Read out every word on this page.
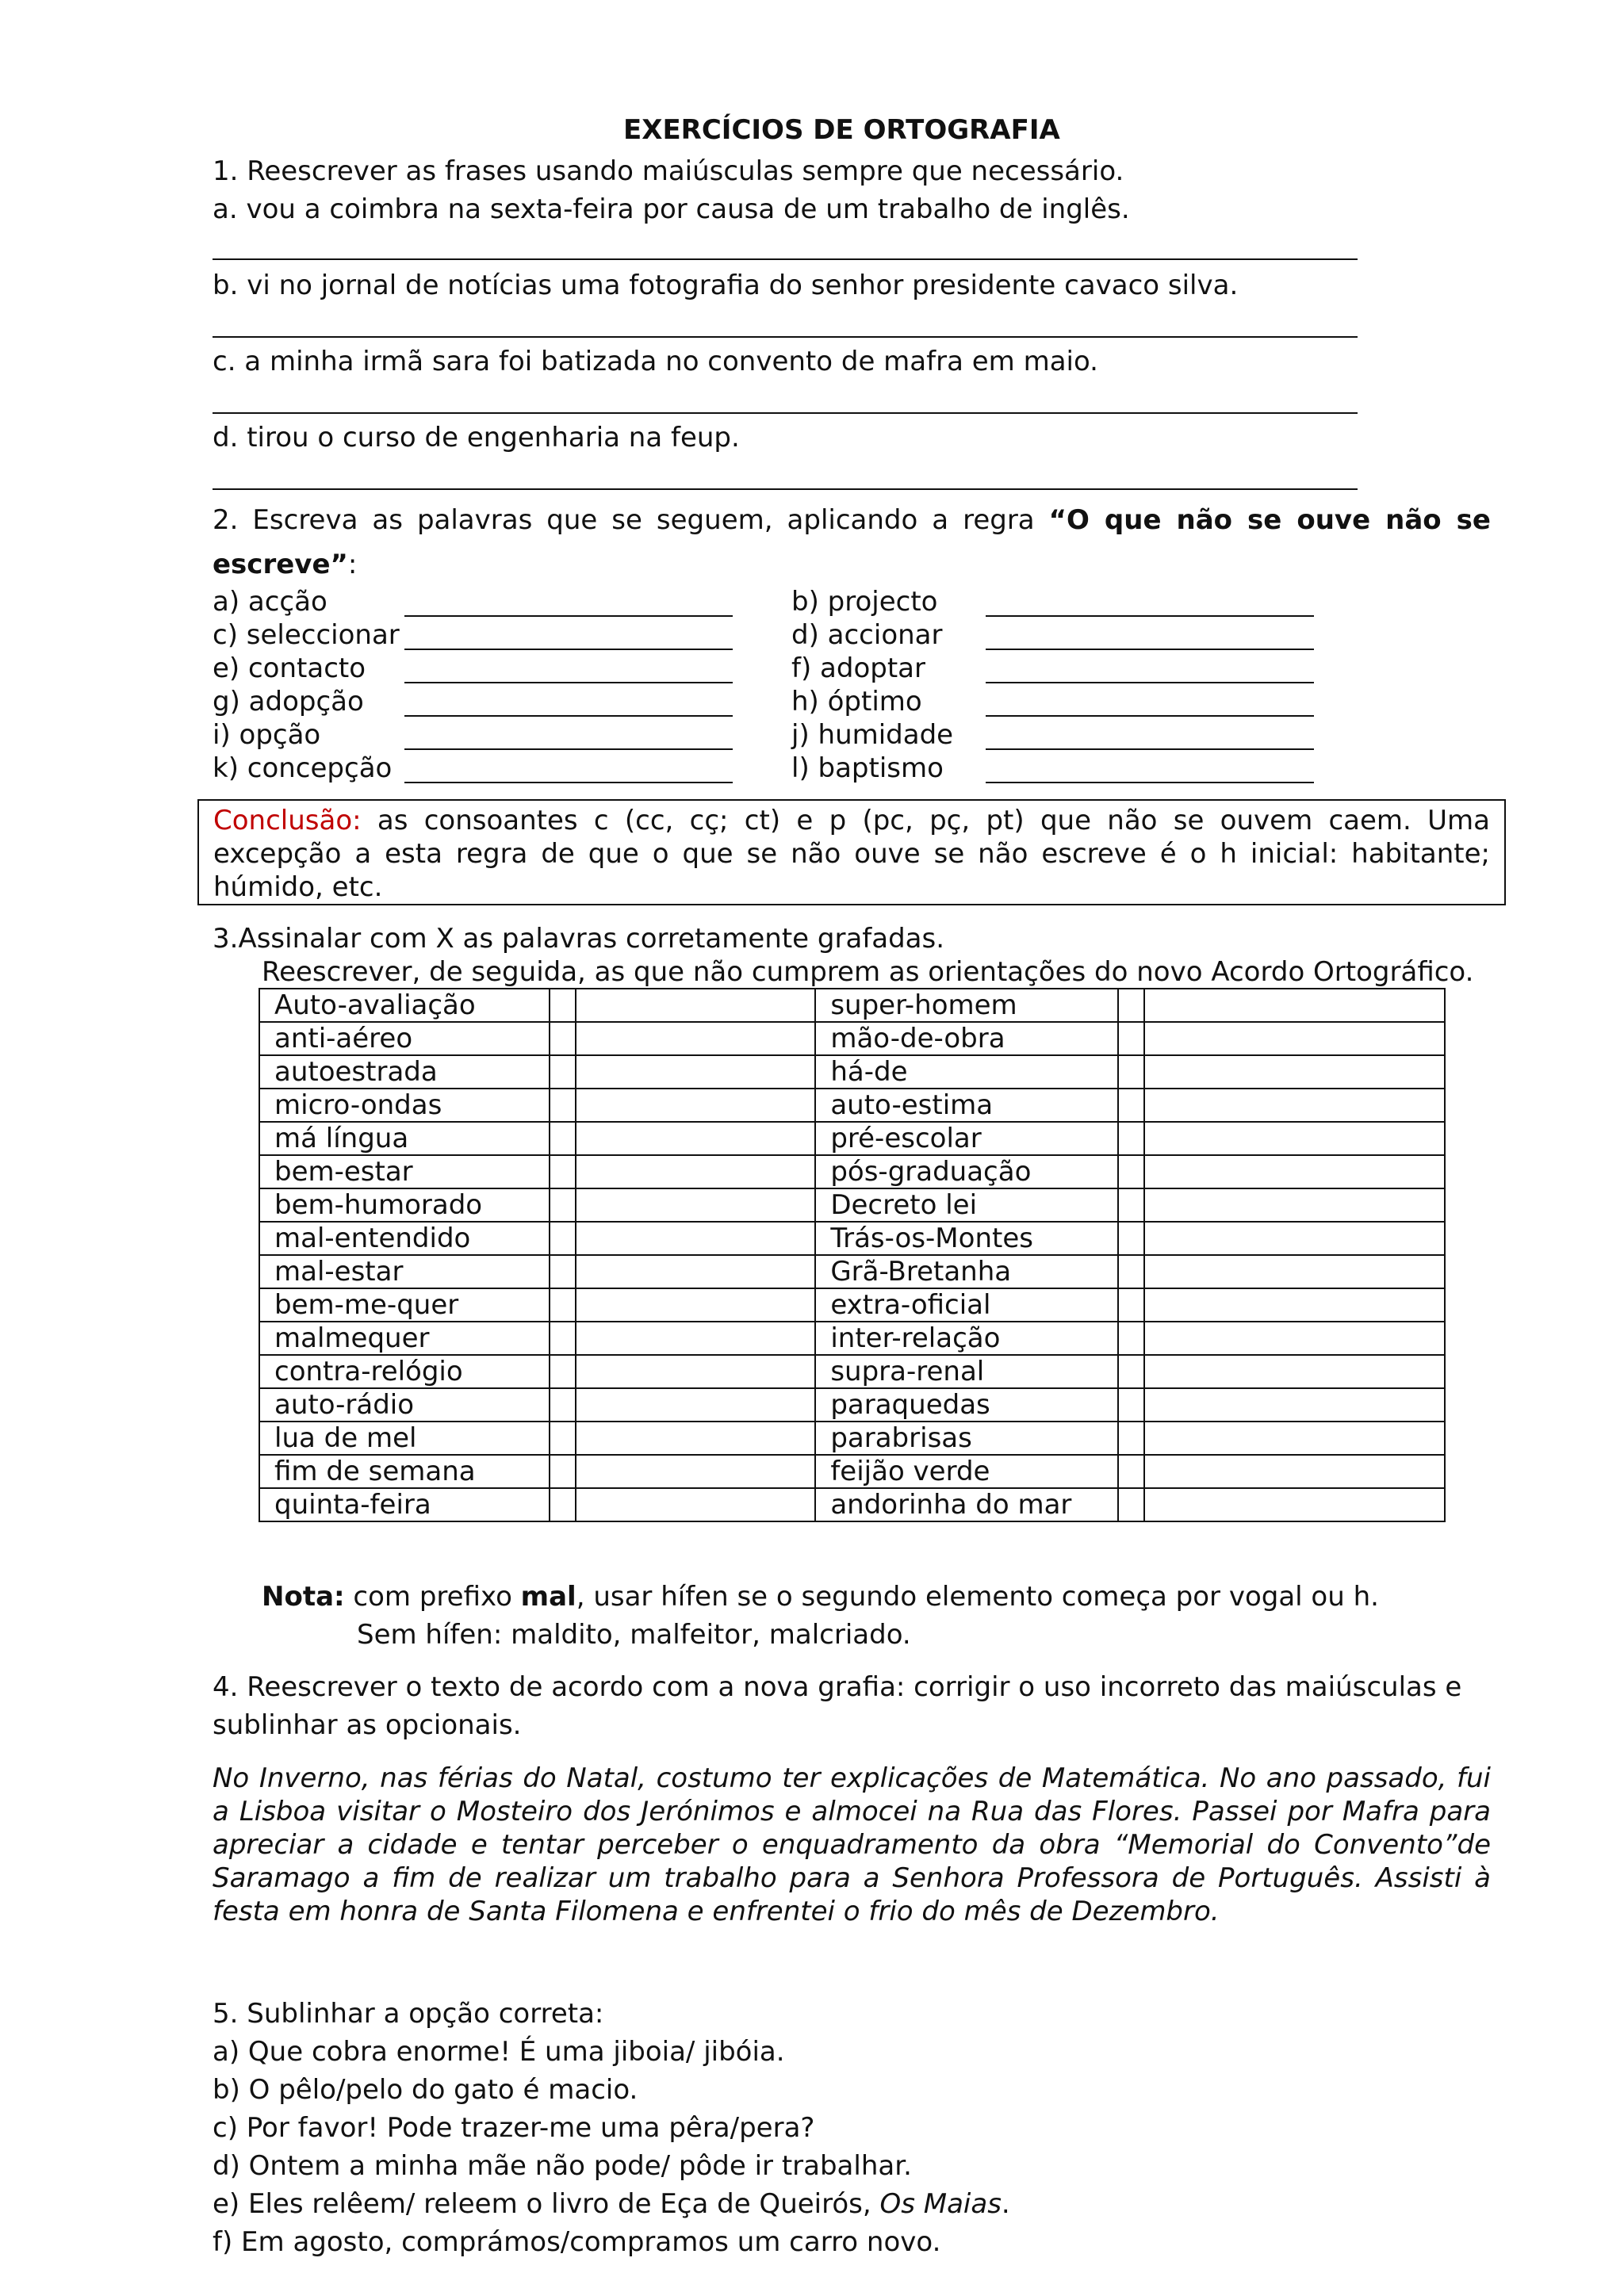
EXERCÍCIOS DE ORTOGRAFIA
1. Reescrever as frases usando maiúsculas sempre que necessário.
a. vou a coimbra na sexta-feira por causa de um trabalho de inglês.
b. vi no jornal de notícias uma fotografia do senhor presidente cavaco silva.
c. a minha irmã sara foi batizada no convento de mafra em maio.
d. tirou o curso de engenharia na feup.
2. Escreva as palavras que se seguem, aplicando a regra “O que não se ouve não se escreve”:
a) acção	b) projecto
c) seleccionar	d) accionar
e) contacto	f) adoptar
g) adopção	h) óptimo
i) opção	j) humidade
k) concepção	l) baptismo
Conclusão: as consoantes c (cc, cç; ct) e p (pc, pç, pt) que não se ouvem caem. Uma excepção a esta regra de que o que se não ouve se não escreve é o h inicial: habitante; húmido, etc.
3.Assinalar com X as palavras corretamente grafadas.
Reescrever, de seguida, as que não cumprem as orientações do novo Acordo Ortográfico.
Auto-avaliação			super-homem		
anti-aéreo			mão-de-obra		
autoestrada			há-de		
micro-ondas			auto-estima		
má língua			pré-escolar		
bem-estar			pós-graduação		
bem-humorado			Decreto lei		
mal-entendido			Trás-os-Montes		
mal-estar			Grã-Bretanha		
bem-me-quer			extra-oficial		
malmequer			inter-relação		
contra-relógio			supra-renal		
auto-rádio			paraquedas		
lua de mel			parabrisas		
fim de semana			feijão verde		
quinta-feira			andorinha do mar		
Nota: com prefixo mal, usar hífen se o segundo elemento começa por vogal ou h.
Sem hífen: maldito, malfeitor, malcriado.
4. Reescrever o texto de acordo com a nova grafia: corrigir o uso incorreto das maiúsculas e sublinhar as opcionais.
No Inverno, nas férias do Natal, costumo ter explicações de Matemática. No ano passado, fui a Lisboa visitar o Mosteiro dos Jerónimos e almocei na Rua das Flores. Passei por Mafra para apreciar a cidade e tentar perceber o enquadramento da obra “Memorial do Convento”de Saramago a fim de realizar um trabalho para a Senhora Professora de Português. Assisti à festa em honra de Santa Filomena e enfrentei o frio do mês de Dezembro.
5. Sublinhar a opção correta:
a) Que cobra enorme! É uma jiboia/ jibóia.
b) O pêlo/pelo do gato é macio.
c) Por favor! Pode trazer-me uma pêra/pera?
d) Ontem a minha mãe não pode/ pôde ir trabalhar.
e) Eles relêem/ releem o livro de Eça de Queirós, Os Maias.
f) Em agosto, comprámos/compramos um carro novo.
